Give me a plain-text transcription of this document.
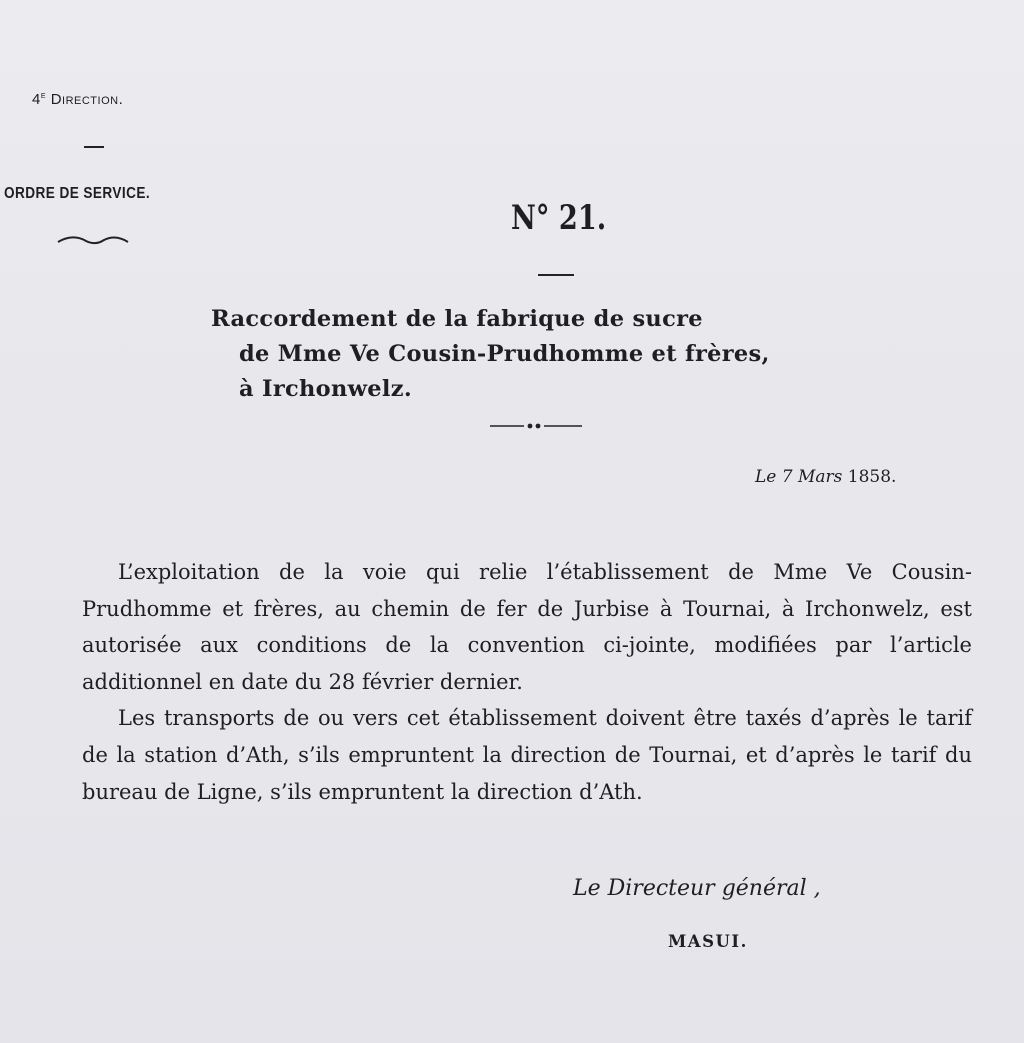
4e Direction.
ORDRE DE SERVICE.
N° 21.
Raccordement de la fabrique de sucre
de Mme Ve Cousin-Prudhomme et frères,
à Irchonwelz.
Le 7 Mars 1858.

L’exploitation de la voie qui relie l’établissement de Mme Ve Cousin-Prudhomme et frères, au chemin de fer de Jurbise à Tournai, à Irchonwelz, est autorisée aux conditions de la convention ci-jointe, modifiées par l’article additionnel en date du 28 février dernier.

Les transports de ou vers cet établissement doivent être taxés d’après le tarif de la station d’Ath, s’ils empruntent la direction de Tournai, et d’après le tarif du bureau de Ligne, s’ils empruntent la direction d’Ath.

Le Directeur général ,
MASUI.
